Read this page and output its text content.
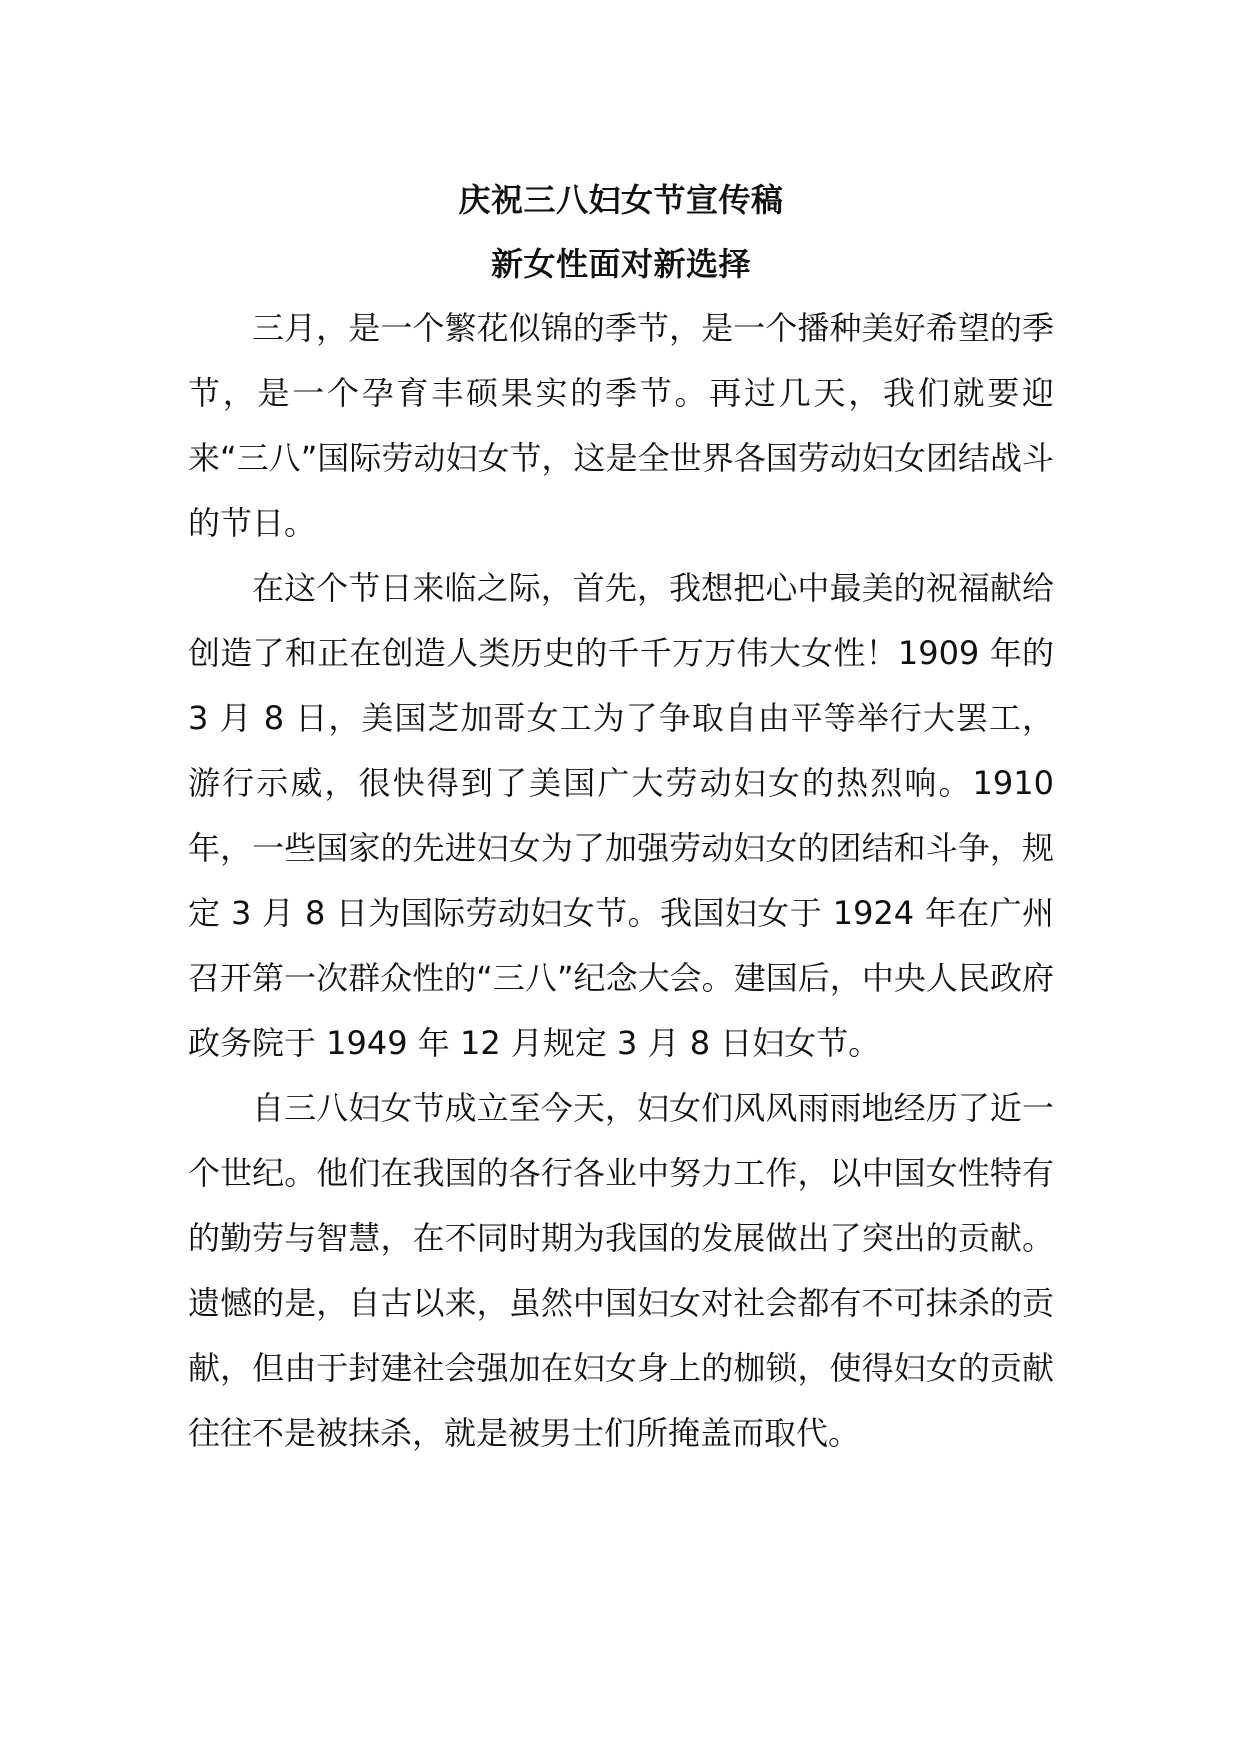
庆祝三八妇女节宣传稿
新女性面对新选择

三月，是一个繁花似锦的季节，是一个播种美好希望的季节，是一个孕育丰硕果实的季节。再过几天，我们就要迎来“三八”国际劳动妇女节，这是全世界各国劳动妇女团结战斗的节日。

在这个节日来临之际，首先，我想把心中最美的祝福献给创造了和正在创造人类历史的千千万万伟大女性！1909 年的 3 月 8 日，美国芝加哥女工为了争取自由平等举行大罢工，游行示威，很快得到了美国广大劳动妇女的热烈响。1910 年，一些国家的先进妇女为了加强劳动妇女的团结和斗争，规定 3 月 8 日为国际劳动妇女节。我国妇女于 1924 年在广州召开第一次群众性的“三八”纪念大会。建国后，中央人民政府政务院于 1949 年 12 月规定 3 月 8 日妇女节。

自三八妇女节成立至今天，妇女们风风雨雨地经历了近一个世纪。他们在我国的各行各业中努力工作，以中国女性特有的勤劳与智慧，在不同时期为我国的发展做出了突出的贡献。遗憾的是，自古以来，虽然中国妇女对社会都有不可抹杀的贡献，但由于封建社会强加在妇女身上的枷锁，使得妇女的贡献往往不是被抹杀，就是被男士们所掩盖而取代。
